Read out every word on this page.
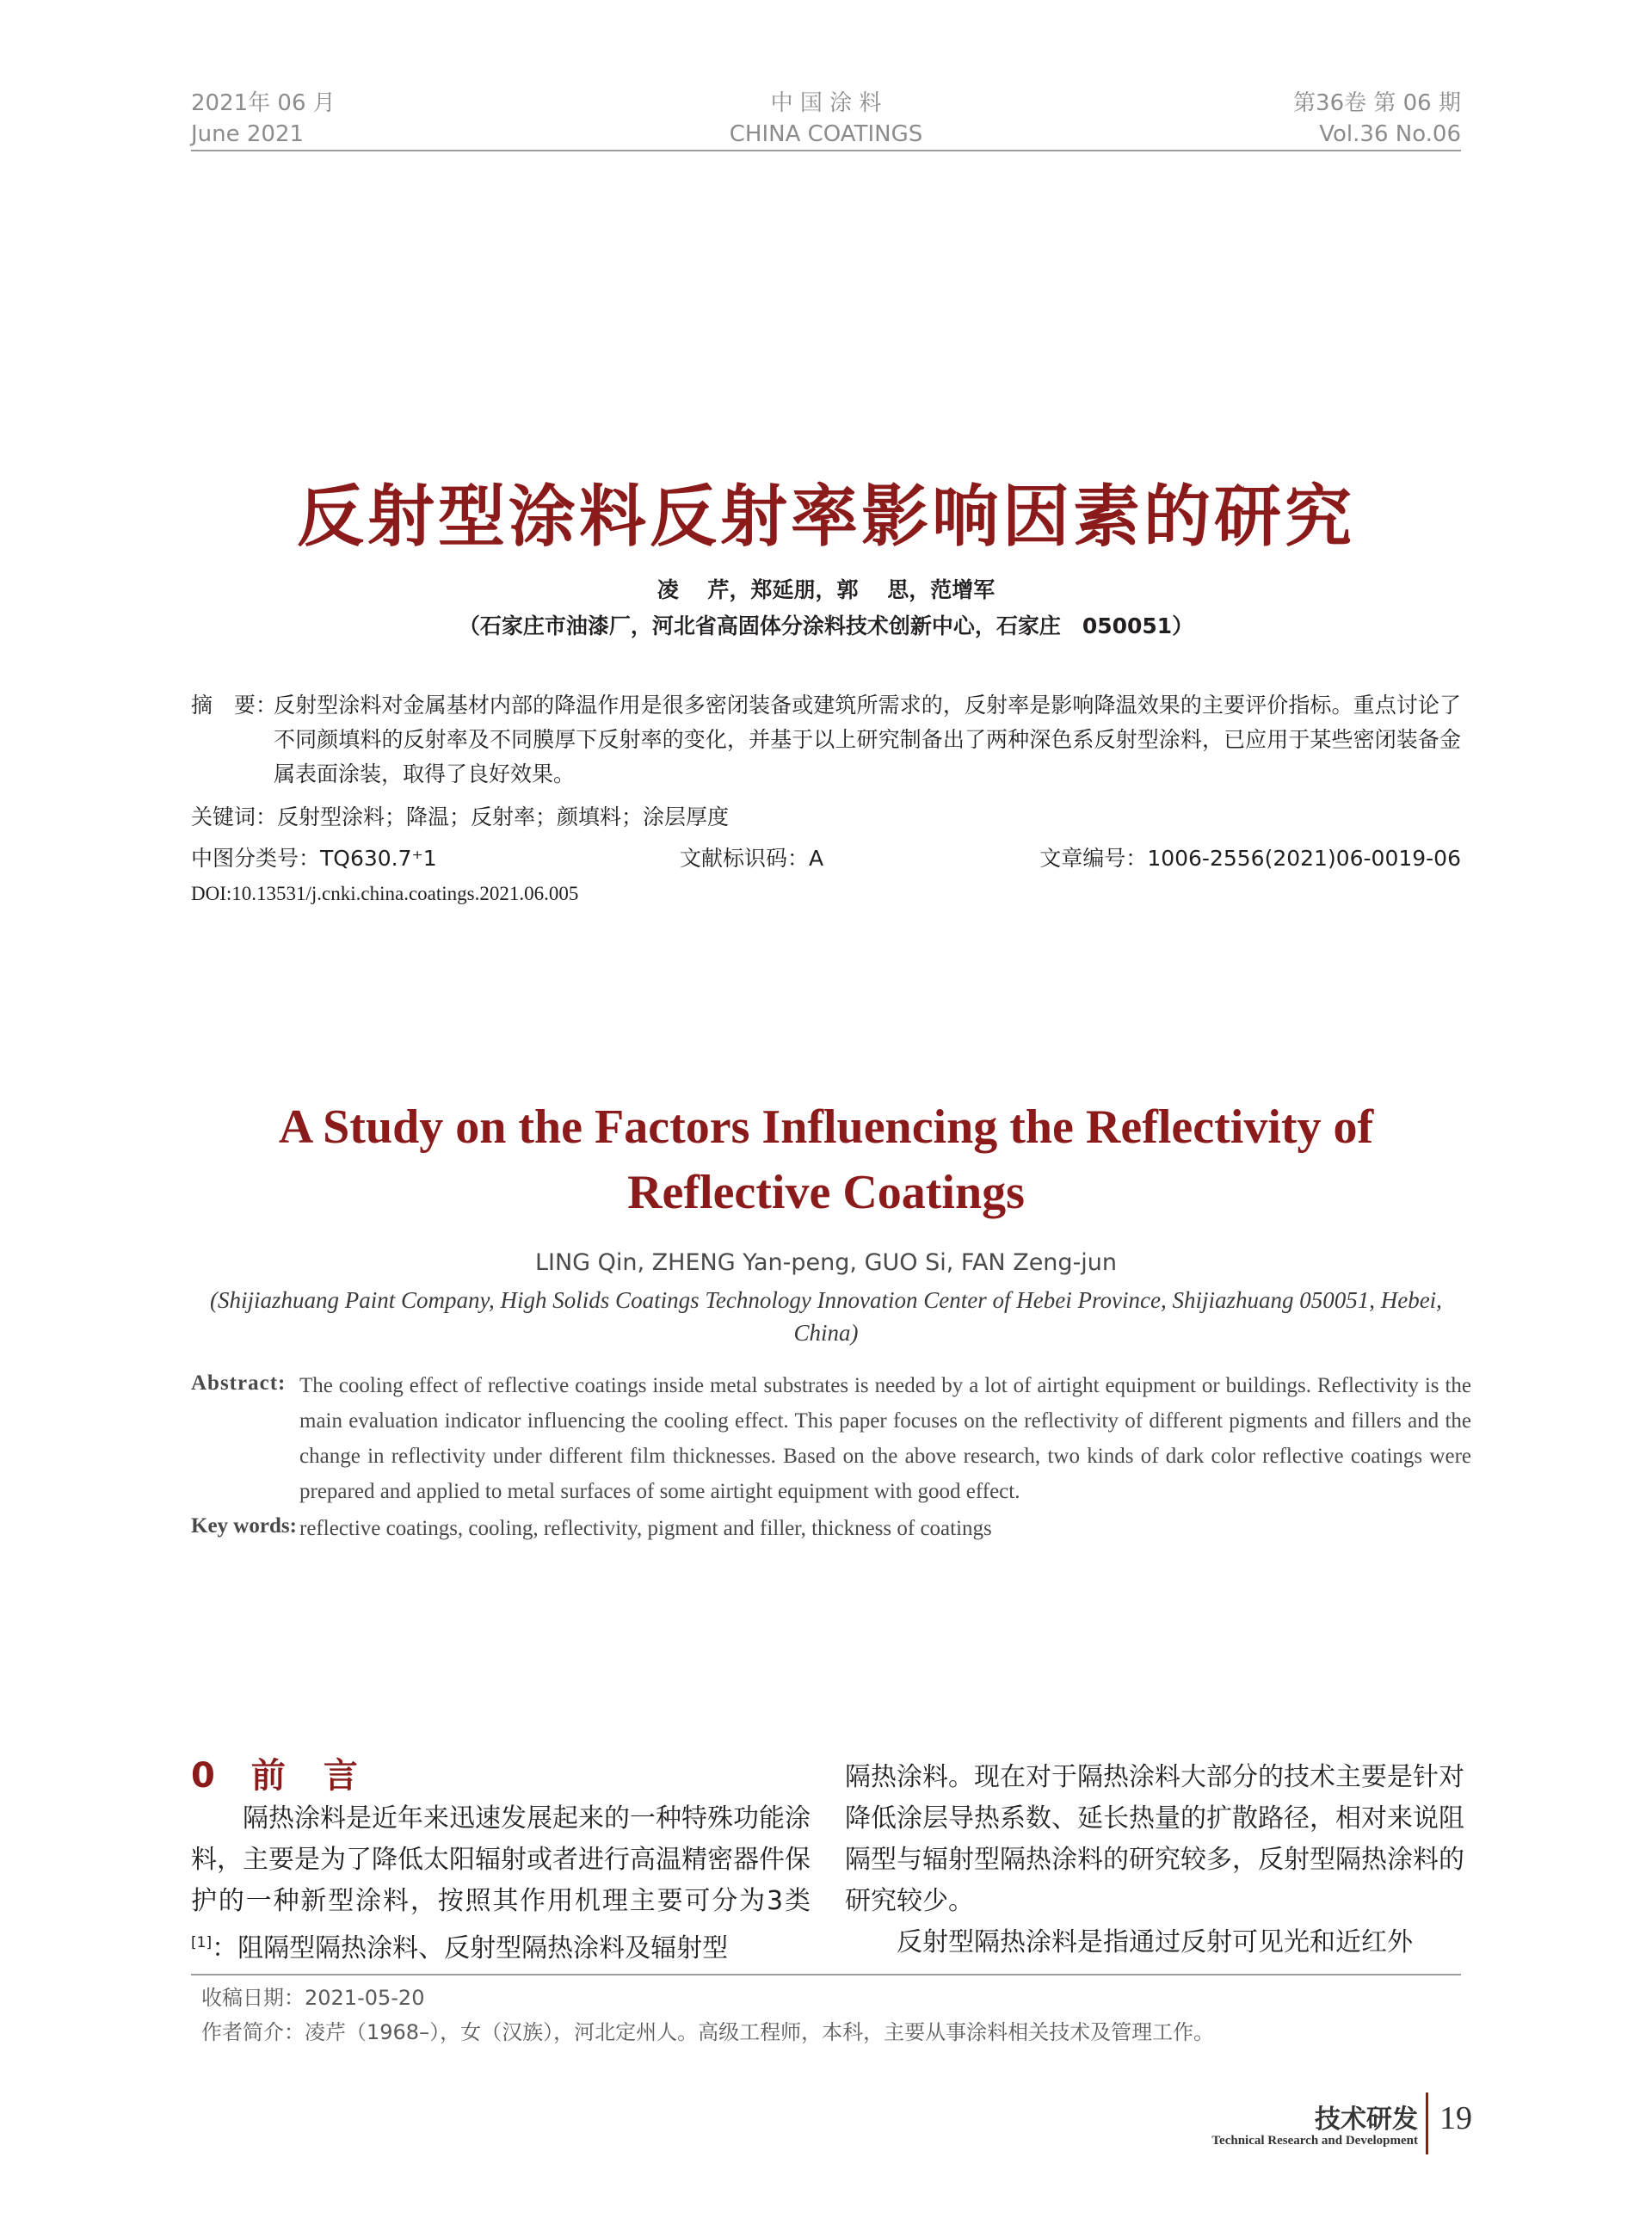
2021年 06 月
June 2021
中 国 涂 料
CHINA COATINGS
第36卷 第 06 期
Vol.36 No.06
反射型涂料反射率影响因素的研究
凌　 芹，郑延朋，郭　 思，范增军
（石家庄市油漆厂，河北省高固体分涂料技术创新中心，石家庄　050051）
摘　要：
反射型涂料对金属基材内部的降温作用是很多密闭装备或建筑所需求的，反射率是影响降温效果的主要评价指标。重点讨论了不同颜填料的反射率及不同膜厚下反射率的变化，并基于以上研究制备出了两种深色系反射型涂料，已应用于某些密闭装备金属表面涂装，取得了良好效果。
关键词：反射型涂料；降温；反射率；颜填料；涂层厚度
中图分类号：TQ630.7⁺1	文献标识码：A	文章编号：1006-2556(2021)06-0019-06
DOI:10.13531/j.cnki.china.coatings.2021.06.005
A Study on the Factors Influencing the Reflectivity of
Reflective Coatings
LING Qin, ZHENG Yan-peng, GUO Si, FAN Zeng-jun
(Shijiazhuang Paint Company, High Solids Coatings Technology Innovation Center of Hebei Province, Shijiazhuang 050051, Hebei, China)
Abstract: The cooling effect of reflective coatings inside metal substrates is needed by a lot of airtight equipment or buildings. Reflectivity is the main evaluation indicator influencing the cooling effect. This paper focuses on the reflectivity of different pigments and fillers and the change in reflectivity under different film thicknesses. Based on the above research, two kinds of dark color reflective coatings were prepared and applied to metal surfaces of some airtight equipment with good effect.
Key words: reflective coatings, cooling, reflectivity, pigment and filler, thickness of coatings
0 前　言
　　隔热涂料是近年来迅速发展起来的一种特殊功能涂料，主要是为了降低太阳辐射或者进行高温精密器件保护的一种新型涂料，按照其作用机理主要可分为3类[1]：阻隔型隔热涂料、反射型隔热涂料及辐射型
隔热涂料。现在对于隔热涂料大部分的技术主要是针对降低涂层导热系数、延长热量的扩散路径，相对来说阻隔型与辐射型隔热涂料的研究较多，反射型隔热涂料的研究较少。
　　反射型隔热涂料是指通过反射可见光和近红外
收稿日期：2021-05-20
作者简介：凌芹（1968–），女（汉族），河北定州人。高级工程师，本科，主要从事涂料相关技术及管理工作。
技术研发
Technical Research and Development
19
